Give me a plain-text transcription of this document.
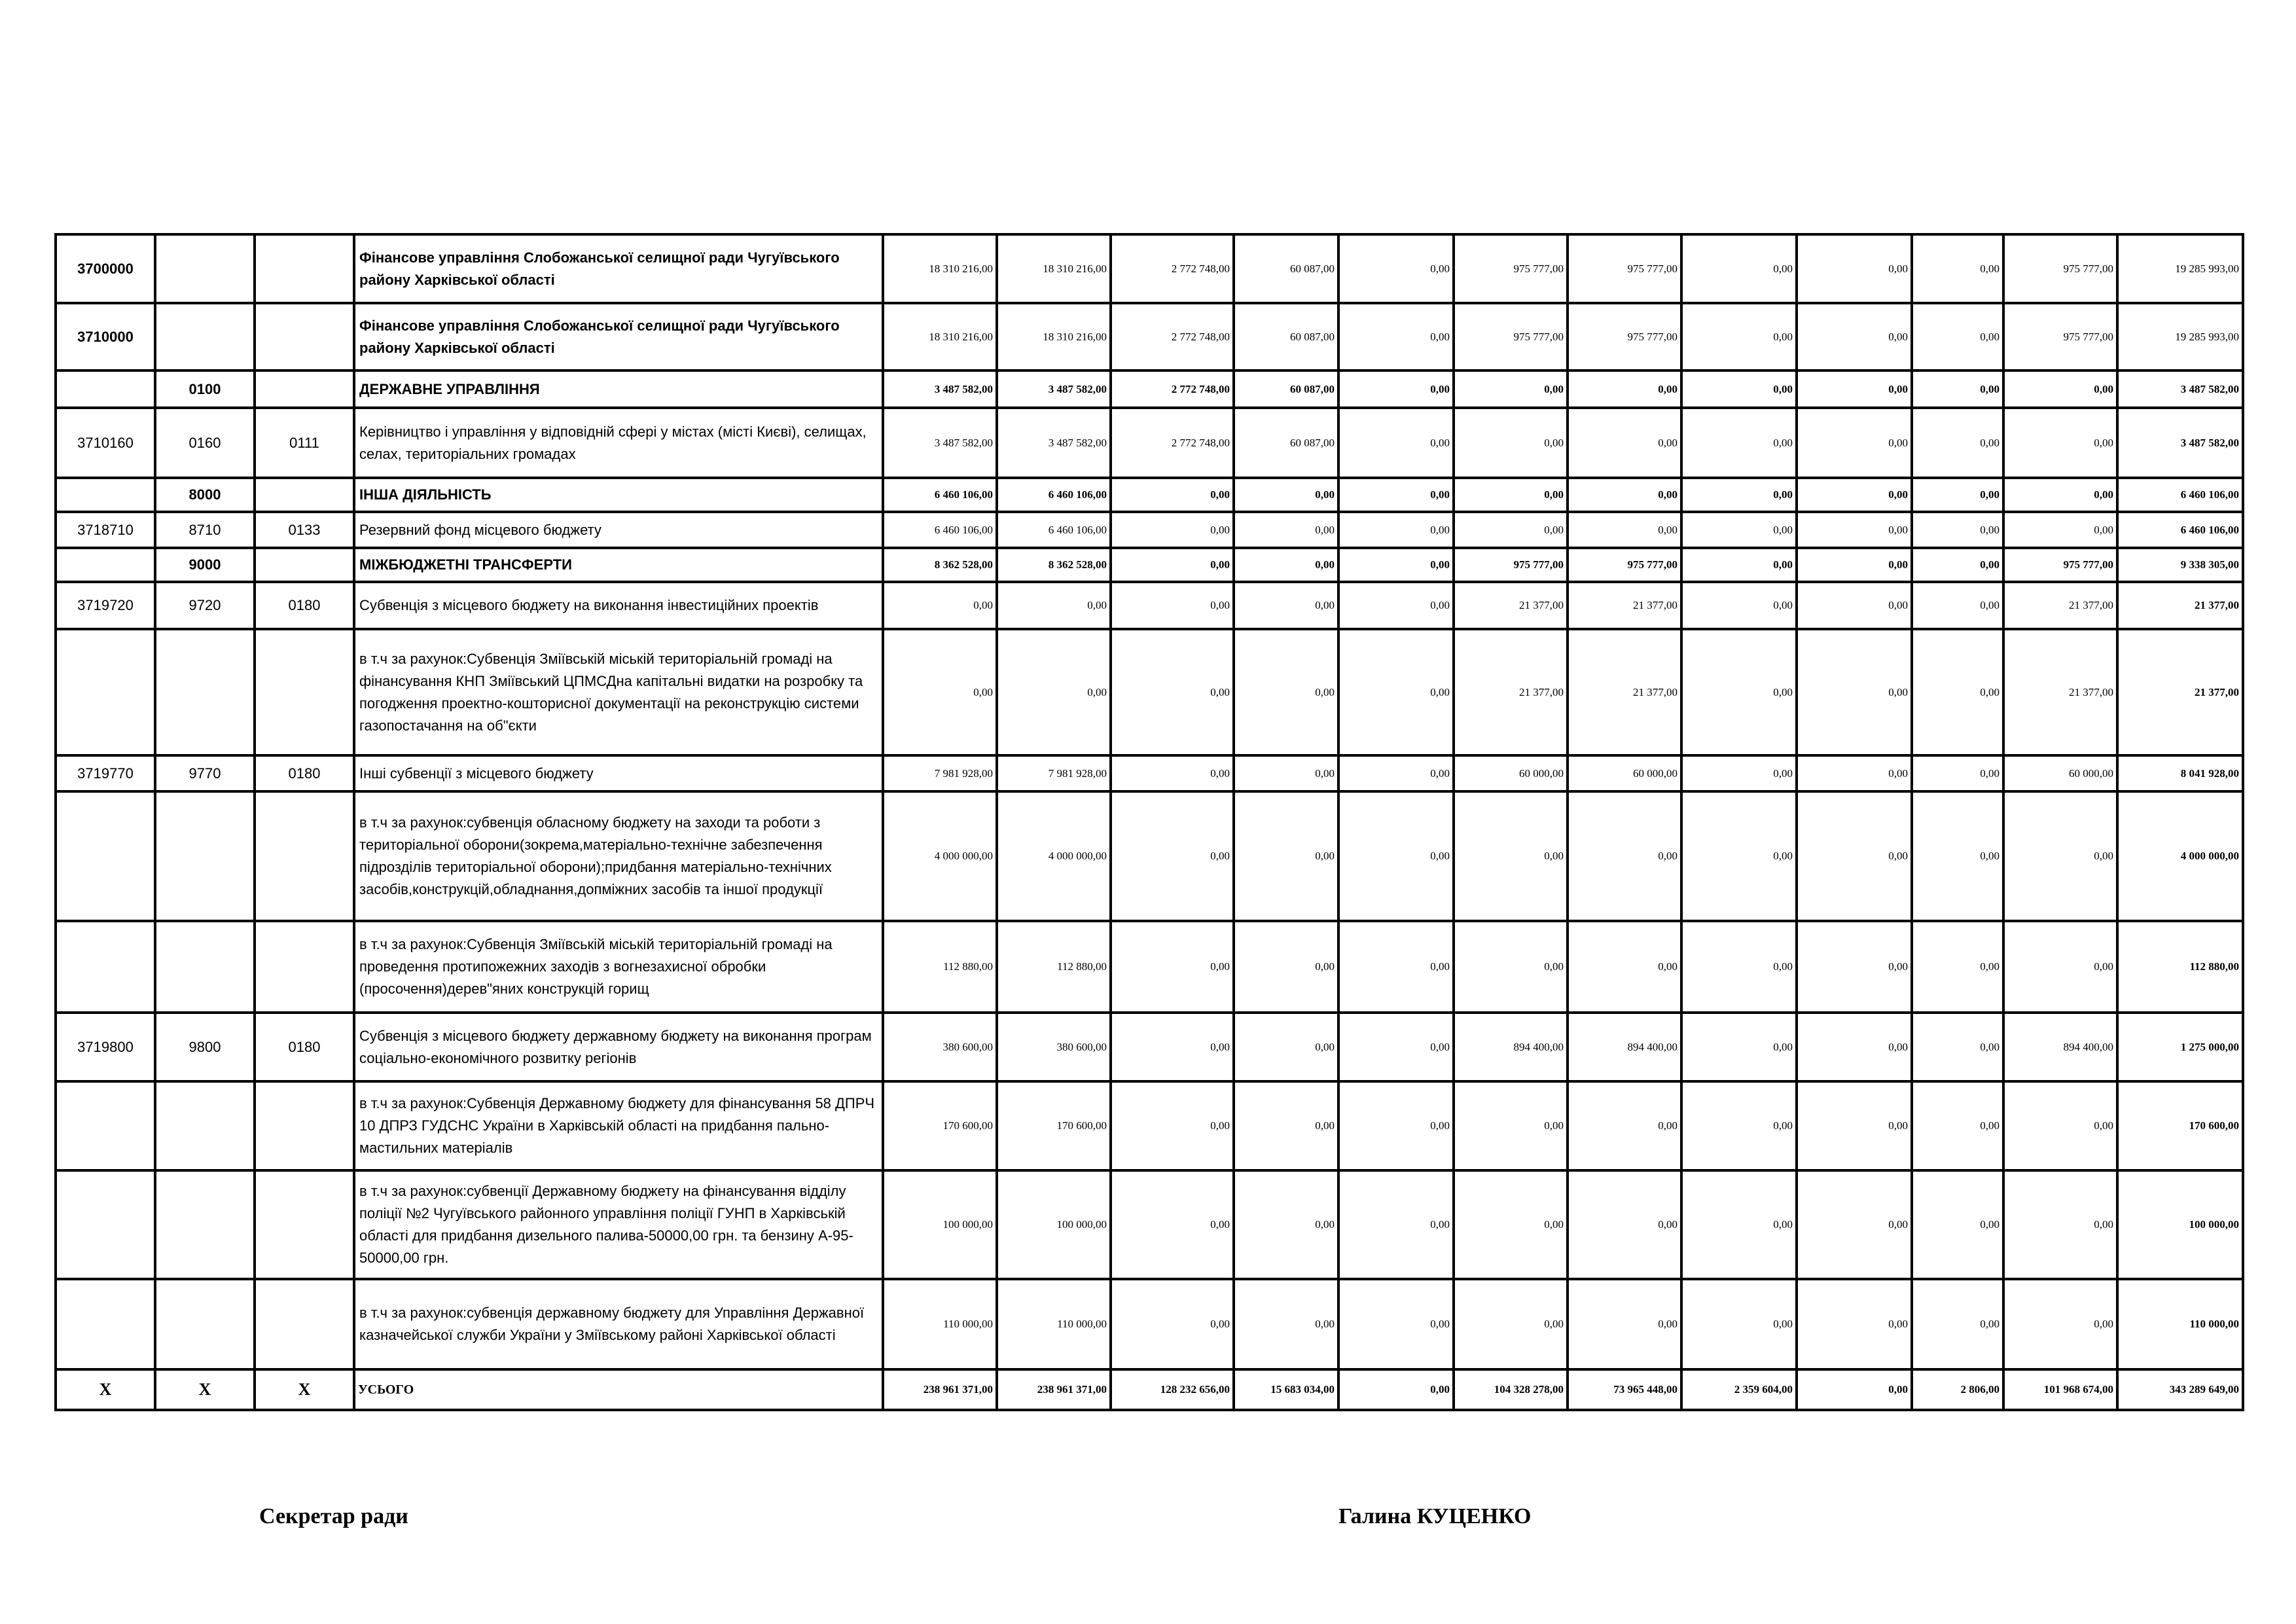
3700000			Фінансове управління Слобожанської селищної ради Чугуївського району Харківської області	18 310 216,00	18 310 216,00	2 772 748,00	60 087,00	0,00	975 777,00	975 777,00	0,00	0,00	0,00	975 777,00	19 285 993,00
3710000			Фінансове управління Слобожанської селищної ради Чугуївського району Харківської області	18 310 216,00	18 310 216,00	2 772 748,00	60 087,00	0,00	975 777,00	975 777,00	0,00	0,00	0,00	975 777,00	19 285 993,00
	0100		ДЕРЖАВНЕ УПРАВЛІННЯ	3 487 582,00	3 487 582,00	2 772 748,00	60 087,00	0,00	0,00	0,00	0,00	0,00	0,00	0,00	3 487 582,00
3710160	0160	0111	Керівництво і управління у відповідній сфері у містах (місті Києві), селищах, селах, територіальних громадах	3 487 582,00	3 487 582,00	2 772 748,00	60 087,00	0,00	0,00	0,00	0,00	0,00	0,00	0,00	3 487 582,00
	8000		ІНША ДІЯЛЬНІСТЬ	6 460 106,00	6 460 106,00	0,00	0,00	0,00	0,00	0,00	0,00	0,00	0,00	0,00	6 460 106,00
3718710	8710	0133	Резервний фонд місцевого бюджету	6 460 106,00	6 460 106,00	0,00	0,00	0,00	0,00	0,00	0,00	0,00	0,00	0,00	6 460 106,00
	9000		МІЖБЮДЖЕТНІ ТРАНСФЕРТИ	8 362 528,00	8 362 528,00	0,00	0,00	0,00	975 777,00	975 777,00	0,00	0,00	0,00	975 777,00	9 338 305,00
3719720	9720	0180	Субвенція з місцевого бюджету на виконання інвестиційних проектів	0,00	0,00	0,00	0,00	0,00	21 377,00	21 377,00	0,00	0,00	0,00	21 377,00	21 377,00
			в т.ч за рахунок:Субвенція Зміївській міській територіальній громаді на фінансування КНП Зміївський ЦПМСДна капітальні видатки на розробку та погодження проектно-кошторисної документації на реконструкцію системи газопостачання на об"єкти	0,00	0,00	0,00	0,00	0,00	21 377,00	21 377,00	0,00	0,00	0,00	21 377,00	21 377,00
3719770	9770	0180	Інші субвенції з місцевого бюджету	7 981 928,00	7 981 928,00	0,00	0,00	0,00	60 000,00	60 000,00	0,00	0,00	0,00	60 000,00	8 041 928,00
			в т.ч за рахунок:субвенція обласному бюджету на заходи та роботи з територіальної оборони(зокрема,матеріально-технічне забезпечення підрозділів територіальної оборони);придбання матеріально-технічних засобів,конструкцій,обладнання,допміжних засобів та іншої продукції	4 000 000,00	4 000 000,00	0,00	0,00	0,00	0,00	0,00	0,00	0,00	0,00	0,00	4 000 000,00
			в т.ч за рахунок:Субвенція Зміївській міській територіальній громаді на проведення протипожежних заходів з вогнезахисної обробки (просочення)дерев"яних конструкцій горищ	112 880,00	112 880,00	0,00	0,00	0,00	0,00	0,00	0,00	0,00	0,00	0,00	112 880,00
3719800	9800	0180	Субвенція з місцевого бюджету державному бюджету на виконання програм соціально-економічного розвитку регіонів	380 600,00	380 600,00	0,00	0,00	0,00	894 400,00	894 400,00	0,00	0,00	0,00	894 400,00	1 275 000,00
			в т.ч за рахунок:Субвенція Державному бюджету для фінансування 58 ДПРЧ 10 ДПРЗ ГУДСНС України в Харківській області на придбання пально-мастильних матеріалів	170 600,00	170 600,00	0,00	0,00	0,00	0,00	0,00	0,00	0,00	0,00	0,00	170 600,00
			в т.ч за рахунок:субвенції Державному бюджету на фінансування відділу поліції №2 Чугуївського районного управління поліції ГУНП в Харківській області для придбання дизельного палива-50000,00 грн. та бензину А-95-50000,00 грн.	100 000,00	100 000,00	0,00	0,00	0,00	0,00	0,00	0,00	0,00	0,00	0,00	100 000,00
			в т.ч за рахунок:субвенція державному бюджету для Управління Державної казначейської служби України у Зміївському районі Харківської області	110 000,00	110 000,00	0,00	0,00	0,00	0,00	0,00	0,00	0,00	0,00	0,00	110 000,00
Х	Х	Х	УСЬОГО	238 961 371,00	238 961 371,00	128 232 656,00	15 683 034,00	0,00	104 328 278,00	73 965 448,00	2 359 604,00	0,00	2 806,00	101 968 674,00	343 289 649,00
Секретар ради	Галина КУЦЕНКО
